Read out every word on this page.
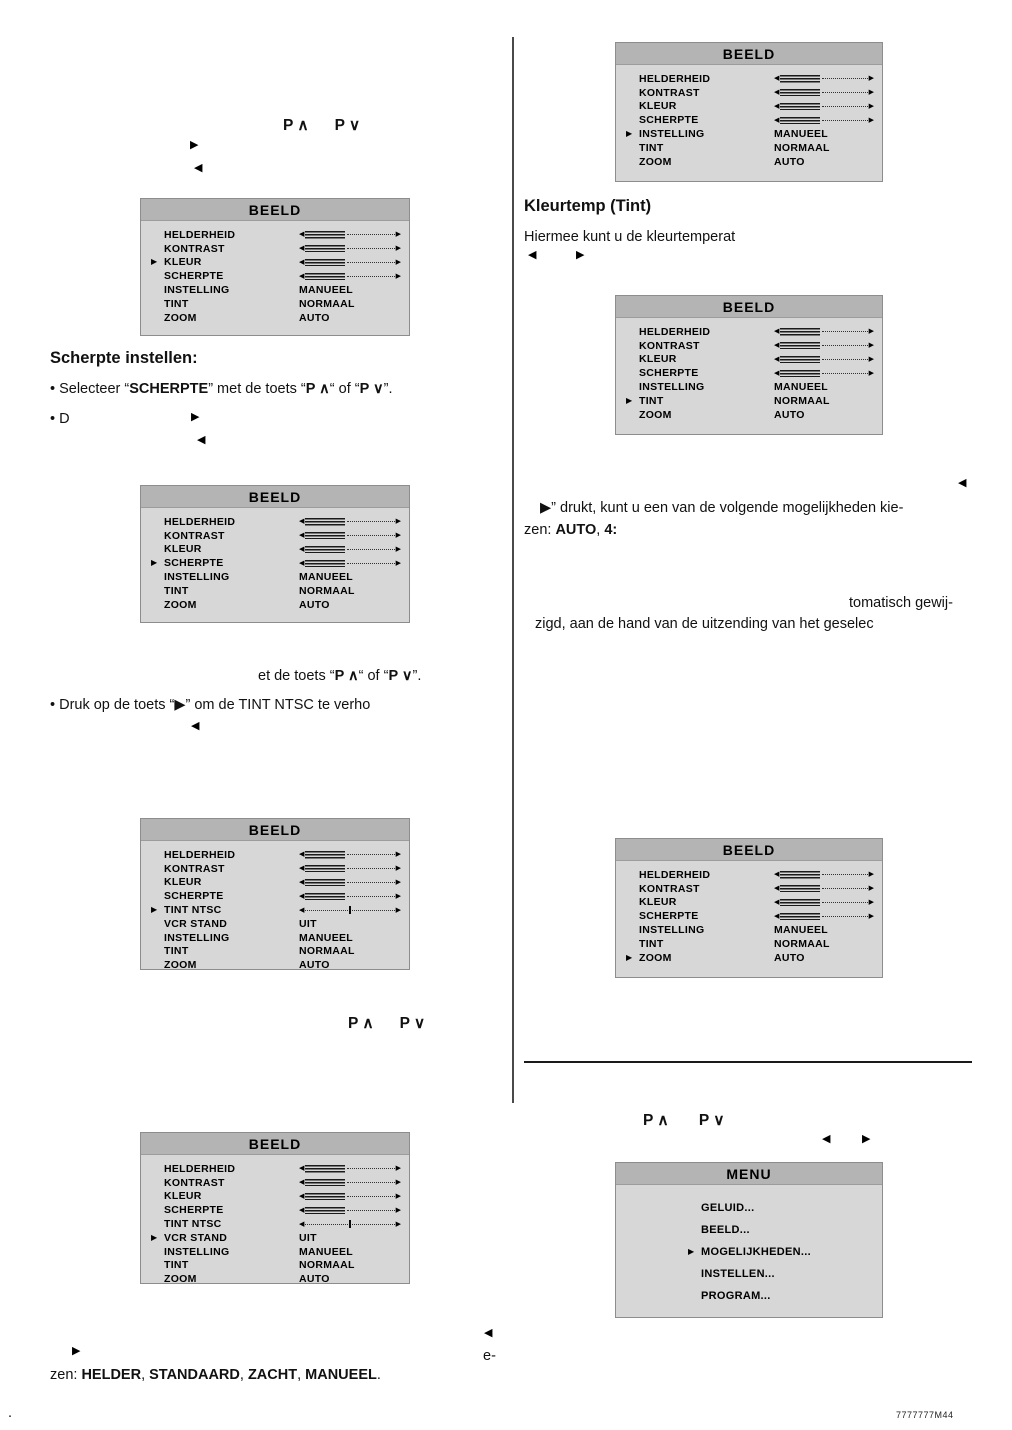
P ∧
P ∨
▶
◀
BEELD
HELDERHEID	◀	▶
KONTRAST	◀	▶
▶ KLEUR	◀	▶
SCHERPTE	◀	▶
INSTELLING	MANUEEL
TINT	NORMAAL
ZOOM	AUTO
Scherpte instellen:

• Selecteer “SCHERPTE” met de toets “P ∧“ of “P ∨”.

• D	▶
◀
BEELD
HELDERHEID	◀	▶
KONTRAST	◀	▶
KLEUR	◀	▶
▶ SCHERPTE	◀	▶
INSTELLING	MANUEEL
TINT	NORMAAL
ZOOM	AUTO

et de toets “P ∧“ of “P ∨”.

• Druk op de toets “▶” om de TINT NTSC te verho

◀
BEELD
HELDERHEID	◀	▶
KONTRAST	◀	▶
KLEUR	◀	▶
SCHERPTE	◀	▶
▶ TINT NTSC	◀	▶
VCR STAND	UIT
INSTELLING	MANUEEL
TINT	NORMAAL
ZOOM	AUTO
P ∧
P ∨
BEELD
HELDERHEID	◀	▶
KONTRAST	◀	▶
KLEUR	◀	▶
SCHERPTE	◀	▶
TINT NTSC	◀	▶
▶ VCR STAND	UIT
INSTELLING	MANUEEL
TINT	NORMAAL
ZOOM	AUTO
▶

zen: HELDER, STANDAARD, ZACHT, MANUEEL.

◀

e-

BEELD
HELDERHEID	◀	▶
KONTRAST	◀	▶
KLEUR	◀	▶
SCHERPTE	◀	▶
▶ INSTELLING	MANUEEL
TINT	NORMAAL
ZOOM	AUTO
Kleurtemp (Tint)

Hiermee kunt u de kleurtemperat

◀	▶
BEELD
HELDERHEID	◀	▶
KONTRAST	◀	▶
KLEUR	◀	▶
SCHERPTE	◀	▶
INSTELLING	MANUEEL
▶ TINT	NORMAAL
ZOOM	AUTO
◀

▶” drukt, kunt u een van de volgende mogelijkheden kie-

zen: AUTO, 4:

tomatisch gewij-

zigd, aan de hand van de uitzending van het geselec

BEELD
HELDERHEID	◀	▶
KONTRAST	◀	▶
KLEUR	◀	▶
SCHERPTE	◀	▶
INSTELLING	MANUEEL
TINT	NORMAAL
▶ ZOOM	AUTO
P ∧
P ∨
◀	▶
MENU
GELUID...
BEELD...
▶ MOGELIJKHEDEN...
INSTELLEN...
PROGRAM...

.	7777777M44
